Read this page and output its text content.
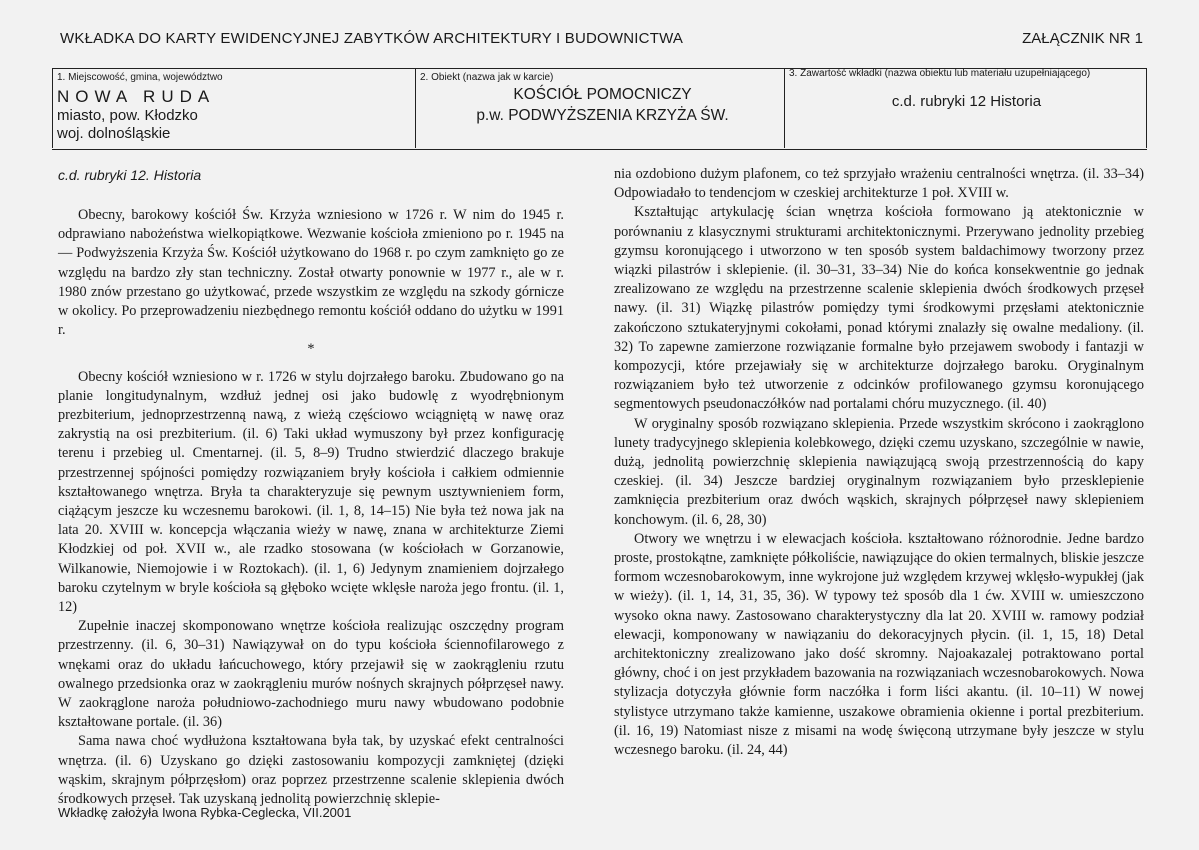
WKŁADKA DO KARTY EWIDENCYJNEJ ZABYTKÓW ARCHITEKTURY I BUDOWNICTWA	ZAŁĄCZNIK NR 1
1. Miejscowość, gmina, województwo
NOWA RUDA
miasto, pow. Kłodzko
woj. dolnośląskie
2. Obiekt (nazwa jak w karcie)
KOŚCIÓŁ POMOCNICZY
p.w. PODWYŻSZENIA KRZYŻA ŚW.
3. Zawartość wkładki (nazwa obiektu lub materiału uzupełniającego)
c.d. rubryki 12 Historia
c.d. rubryki 12. Historia

Obecny, barokowy kościół Św. Krzyża wzniesiono w 1726 r. W nim do 1945 r. odprawiano nabożeństwa wielkopiątkowe. Wezwanie kościoła zmieniono po r. 1945 na — Podwyższenia Krzyża Św. Kościół użytkowano do 1968 r. po czym zamknięto go ze względu na bardzo zły stan techniczny. Został otwarty ponownie w 1977 r., ale w r. 1980 znów przestano go użytkować, przede wszystkim ze względu na szkody górnicze w okolicy. Po przeprowadzeniu niezbędnego remontu kościół oddano do użytku w 1991 r.

*

Obecny kościół wzniesiono w r. 1726 w stylu dojrzałego baroku. Zbudowano go na planie longitudynalnym, wzdłuż jednej osi jako budowlę z wyodrębnionym prezbiterium, jednoprzestrzenną nawą, z wieżą częściowo wciągniętą w nawę oraz zakrystią na osi prezbiterium. (il. 6) Taki układ wymuszony był przez konfigurację terenu i przebieg ul. Cmentarnej. (il. 5, 8–9) Trudno stwierdzić dlaczego brakuje przestrzennej spójności pomiędzy rozwiązaniem bryły kościoła i całkiem odmiennie kształtowanego wnętrza. Bryła ta charakteryzuje się pewnym usztywnieniem form, ciążącym jeszcze ku wczesnemu barokowi. (il. 1, 8, 14–15) Nie była też nowa jak na lata 20. XVIII w. koncepcja włączania wieży w nawę, znana w architekturze Ziemi Kłodzkiej od poł. XVII w., ale rzadko stosowana (w kościołach w Gorzanowie, Wilkanowie, Niemojowie i w Roztokach). (il. 1, 6) Jedynym znamieniem dojrzałego baroku czytelnym w bryle kościoła są głęboko wcięte wklęsłe naroża jego frontu. (il. 1, 12)

Zupełnie inaczej skomponowano wnętrze kościoła realizując oszczędny program przestrzenny. (il. 6, 30–31) Nawiązywał on do typu kościoła ściennofilarowego z wnękami oraz do układu łańcuchowego, który przejawił się w zaokrągleniu rzutu owalnego przedsionka oraz w zaokrągleniu murów nośnych skrajnych półprzęseł nawy. W zaokrąglone naroża południowo-zachodniego muru nawy wbudowano podobnie kształtowane portale. (il. 36)

Sama nawa choć wydłużona kształtowana była tak, by uzyskać efekt centralności wnętrza. (il. 6) Uzyskano go dzięki zastosowaniu kompozycji zamkniętej (dzięki wąskim, skrajnym półprzęsłom) oraz poprzez przestrzenne scalenie sklepienia dwóch środkowych przęseł. Tak uzyskaną jednolitą powierzchnię sklepie-

nia ozdobiono dużym plafonem, co też sprzyjało wrażeniu centralności wnętrza. (il. 33–34) Odpowiadało to tendencjom w czeskiej architekturze 1 poł. XVIII w.

Kształtując artykulację ścian wnętrza kościoła formowano ją atektonicznie w porównaniu z klasycznymi strukturami architektonicznymi. Przerywano jednolity przebieg gzymsu koronującego i utworzono w ten sposób system baldachimowy tworzony przez wiązki pilastrów i sklepienie. (il. 30–31, 33–34) Nie do końca konsekwentnie go jednak zrealizowano ze względu na przestrzenne scalenie sklepienia dwóch środkowych przęseł nawy. (il. 31) Wiązkę pilastrów pomiędzy tymi środkowymi przęsłami atektonicznie zakończono sztukateryjnymi cokołami, ponad którymi znalazły się owalne medaliony. (il. 32) To zapewne zamierzone rozwiązanie formalne było przejawem swobody i fantazji w kompozycji, które przejawiały się w architekturze dojrzałego baroku. Oryginalnym rozwiązaniem było też utworzenie z odcinków profilowanego gzymsu koronującego segmentowych pseudonaczółków nad portalami chóru muzycznego. (il. 40)

W oryginalny sposób rozwiązano sklepienia. Przede wszystkim skrócono i zaokrąglono lunety tradycyjnego sklepienia kolebkowego, dzięki czemu uzyskano, szczególnie w nawie, dużą, jednolitą powierzchnię sklepienia nawiązującą swoją przestrzennością do kapy czeskiej. (il. 34) Jeszcze bardziej oryginalnym rozwiązaniem było przesklepienie zamknięcia prezbiterium oraz dwóch wąskich, skrajnych półprzęseł nawy sklepieniem konchowym. (il. 6, 28, 30)

Otwory we wnętrzu i w elewacjach kościoła. kształtowano różnorodnie. Jedne bardzo proste, prostokątne, zamknięte półkoliście, nawiązujące do okien termalnych, bliskie jeszcze formom wczesnobarokowym, inne wykrojone już względem krzywej wklęsło-wypukłej (jak w wieży). (il. 1, 14, 31, 35, 36). W typowy też sposób dla 1 ćw. XVIII w. umieszczono wysoko okna nawy. Zastosowano charakterystyczny dla lat 20. XVIII w. ramowy podział elewacji, komponowany w nawiązaniu do dekoracyjnych płycin. (il. 1, 15, 18) Detal architektoniczny zrealizowano jako dość skromny. Najoakazalej potraktowano portal główny, choć i on jest przykładem bazowania na rozwiązaniach wczesnobarokowych. Nowa stylizacja dotyczyła głównie form naczółka i form liści akantu. (il. 10–11) W nowej stylistyce utrzymano także kamienne, uszakowe obramienia okienne i portal prezbiterium. (il. 16, 19) Natomiast nisze z misami na wodę święconą utrzymane były jeszcze w stylu wczesnego baroku. (il. 24, 44)

Wkładkę założyła Iwona Rybka-Ceglecka, VII.2001
